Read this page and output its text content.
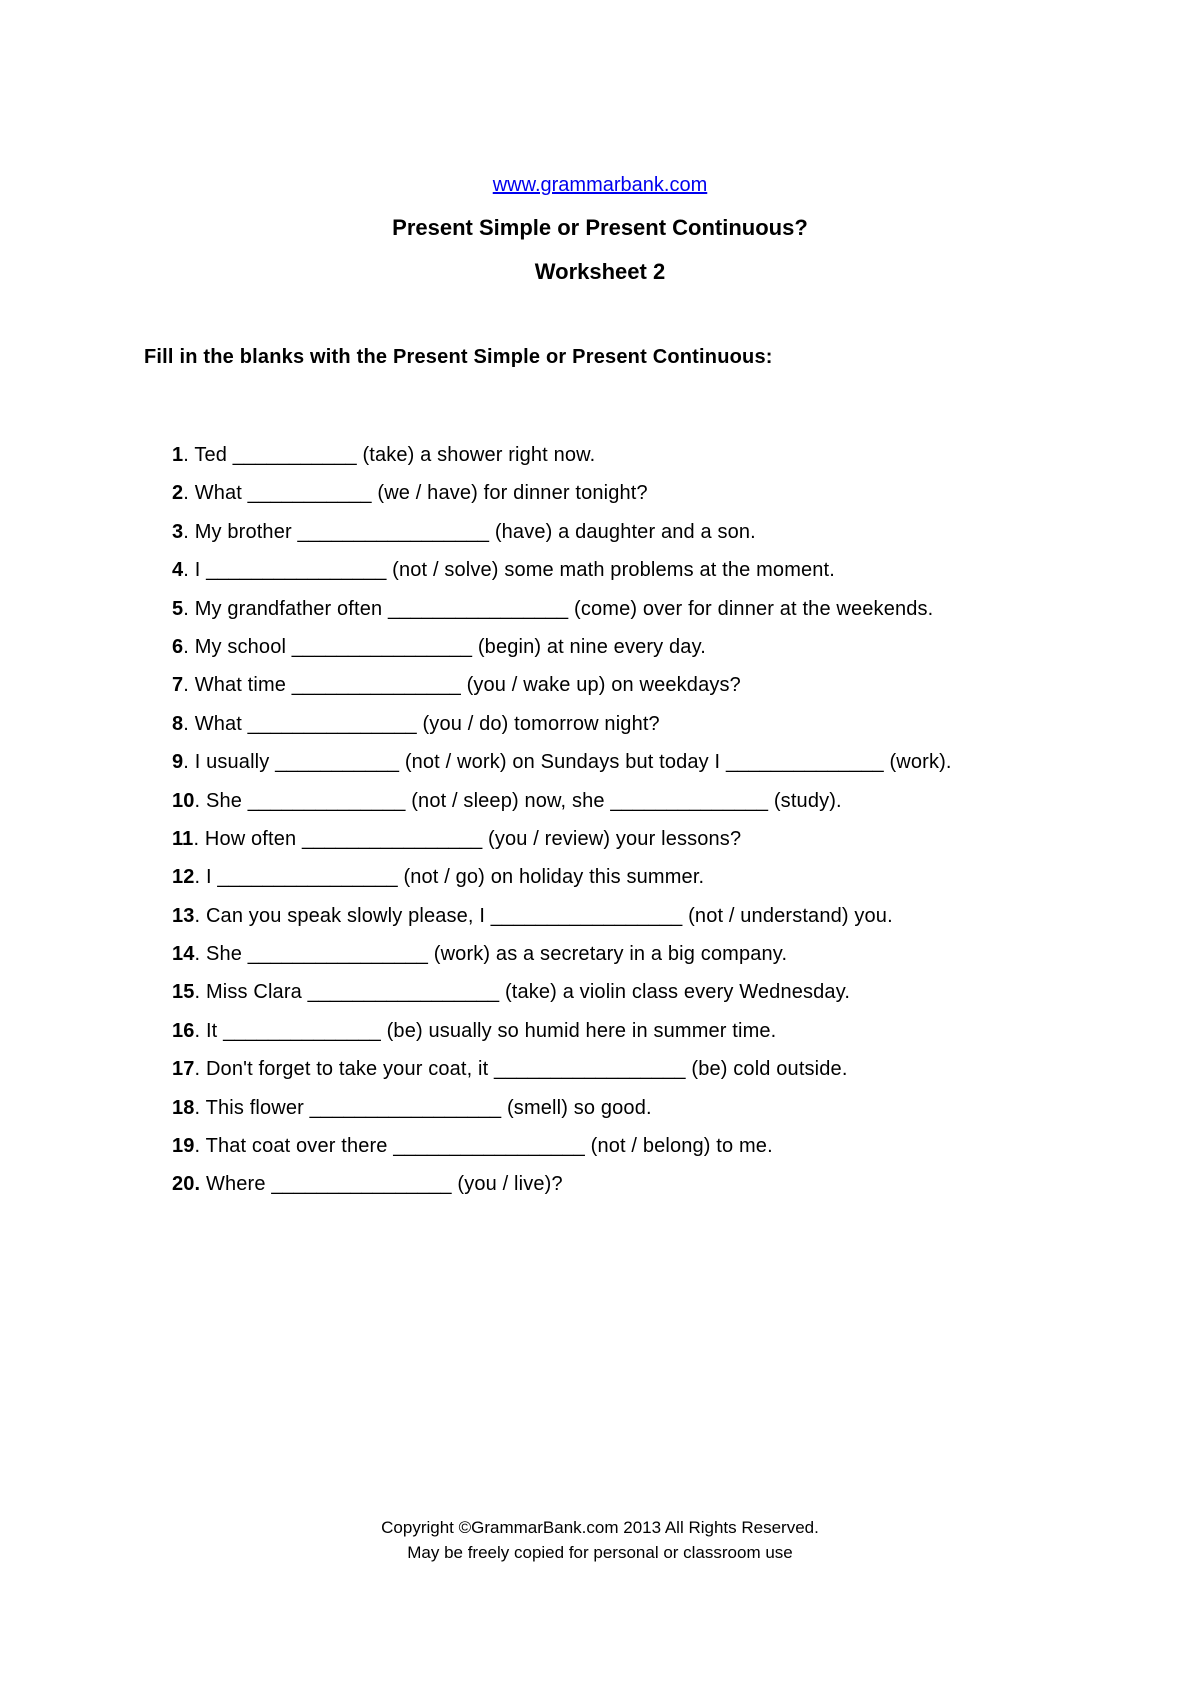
www.grammarbank.com
Present Simple or Present Continuous?
Worksheet 2
Fill in the blanks with the Present Simple or Present Continuous:
1. Ted ___________ (take) a shower right now.
2. What ___________ (we / have) for dinner tonight?
3. My brother _________________ (have) a daughter and a son.
4. I ________________ (not / solve) some math problems at the moment.
5. My grandfather often ________________ (come) over for dinner at the weekends.
6. My school ________________ (begin) at nine every day.
7. What time _______________ (you / wake up) on weekdays?
8. What _______________ (you / do) tomorrow night?
9. I usually ___________ (not / work) on Sundays but today I ______________ (work).
10. She ______________ (not / sleep) now, she ______________ (study).
11. How often ________________ (you / review) your lessons?
12. I ________________ (not / go) on holiday this summer.
13. Can you speak slowly please, I _________________ (not / understand) you.
14. She ________________ (work) as a secretary in a big company.
15. Miss Clara _________________ (take) a violin class every Wednesday.
16. It ______________ (be) usually so humid here in summer time.
17. Don't forget to take your coat, it _________________ (be) cold outside.
18. This flower _________________ (smell) so good.
19. That coat over there _________________ (not / belong) to me.
20. Where ________________ (you / live)?
Copyright ©GrammarBank.com 2013 All Rights Reserved.
May be freely copied for personal or classroom use
